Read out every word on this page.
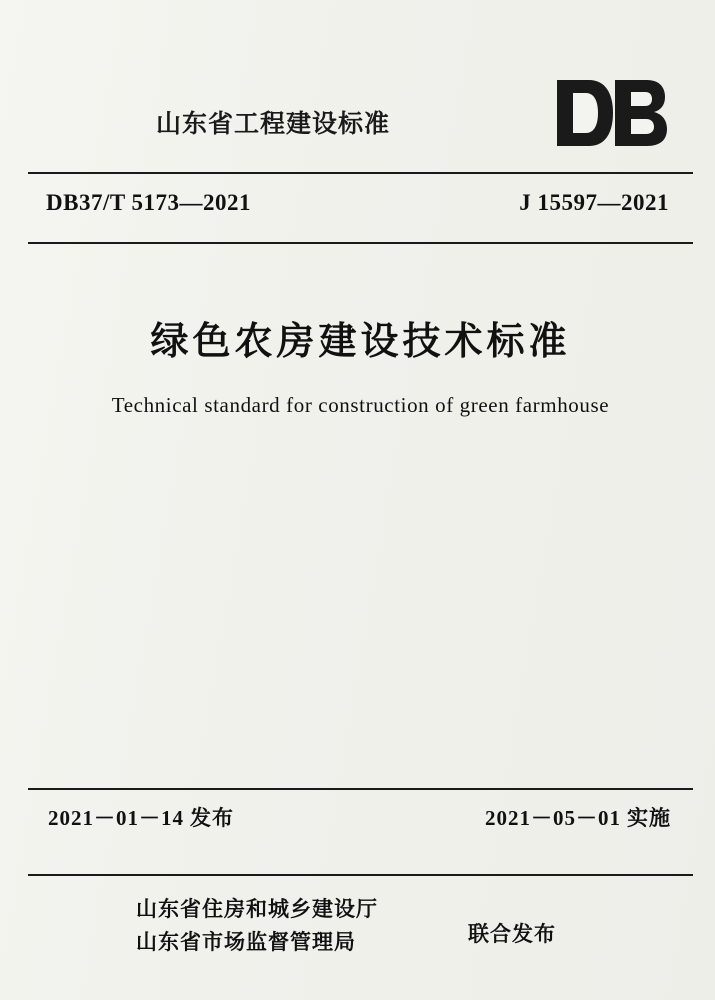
山东省工程建设标准
DB37/T 5173—2021	J 15597—2021
绿色农房建设技术标准
Technical standard for construction of green farmhouse
2021－01－14 发布	2021－05－01 实施
山东省住房和城乡建设厅
山东省市场监督管理局	联合发布
